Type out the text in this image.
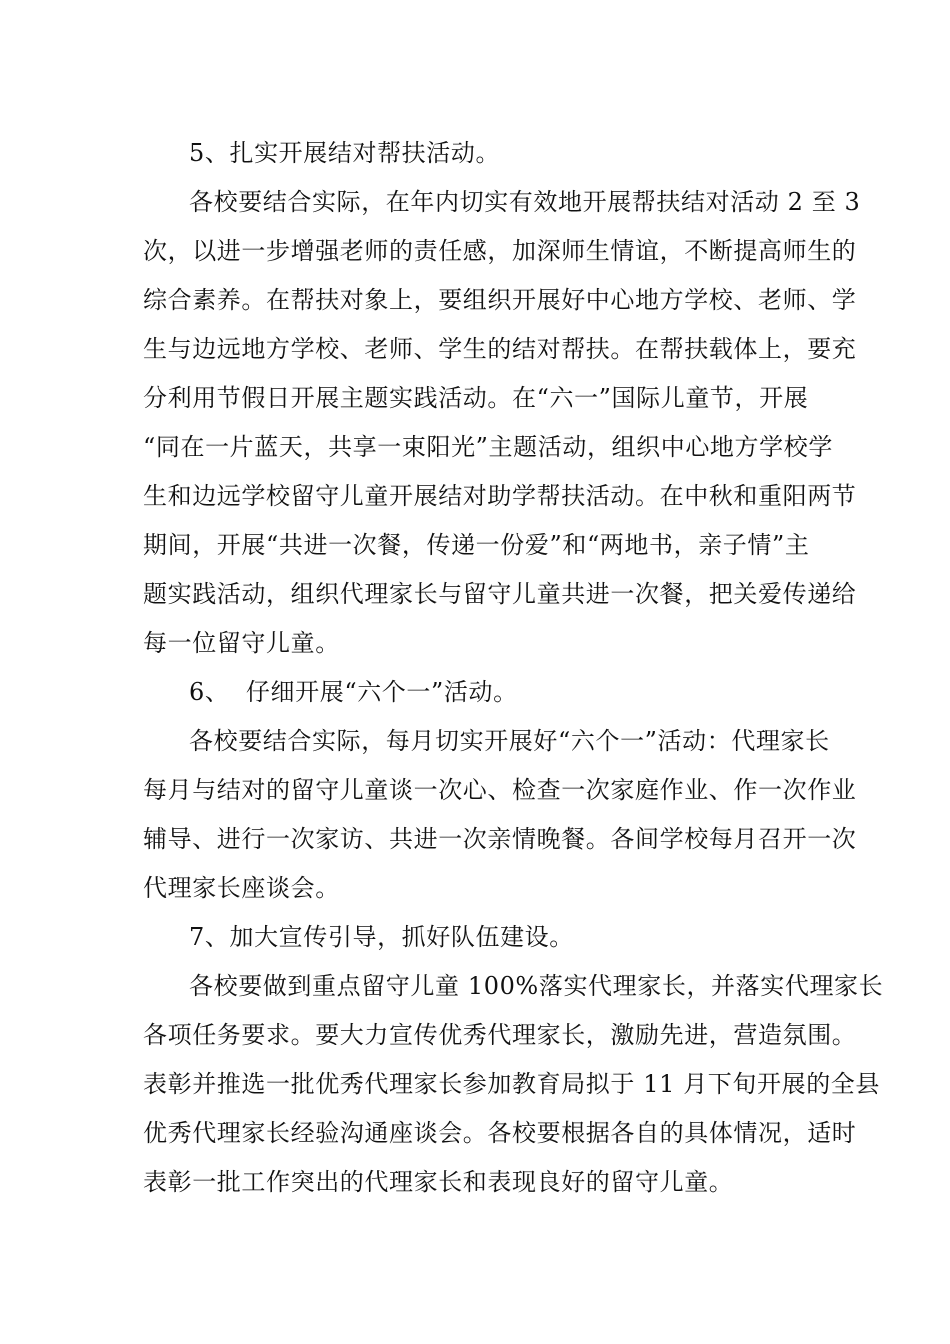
5、扎实开展结对帮扶活动。
各校要结合实际，在年内切实有效地开展帮扶结对活动 2 至 3
次，以进一步增强老师的责任感，加深师生情谊，不断提高师生的
综合素养。在帮扶对象上，要组织开展好中心地方学校、老师、学
生与边远地方学校、老师、学生的结对帮扶。在帮扶载体上，要充
分利用节假日开展主题实践活动。在“六一”国际儿童节，开展
“同在一片蓝天，共享一束阳光”主题活动，组织中心地方学校学
生和边远学校留守儿童开展结对助学帮扶活动。在中秋和重阳两节
期间，开展“共进一次餐，传递一份爱”和“两地书，亲子情”主
题实践活动，组织代理家长与留守儿童共进一次餐，把关爱传递给
每一位留守儿童。
6、  仔细开展“六个一”活动。
各校要结合实际，每月切实开展好“六个一”活动：代理家长
每月与结对的留守儿童谈一次心、检查一次家庭作业、作一次作业
辅导、进行一次家访、共进一次亲情晚餐。各间学校每月召开一次
代理家长座谈会。
7、加大宣传引导，抓好队伍建设。
各校要做到重点留守儿童 100%落实代理家长，并落实代理家长
各项任务要求。要大力宣传优秀代理家长，激励先进，营造氛围。
表彰并推选一批优秀代理家长参加教育局拟于 11 月下旬开展的全县
优秀代理家长经验沟通座谈会。各校要根据各自的具体情况，适时
表彰一批工作突出的代理家长和表现良好的留守儿童。
